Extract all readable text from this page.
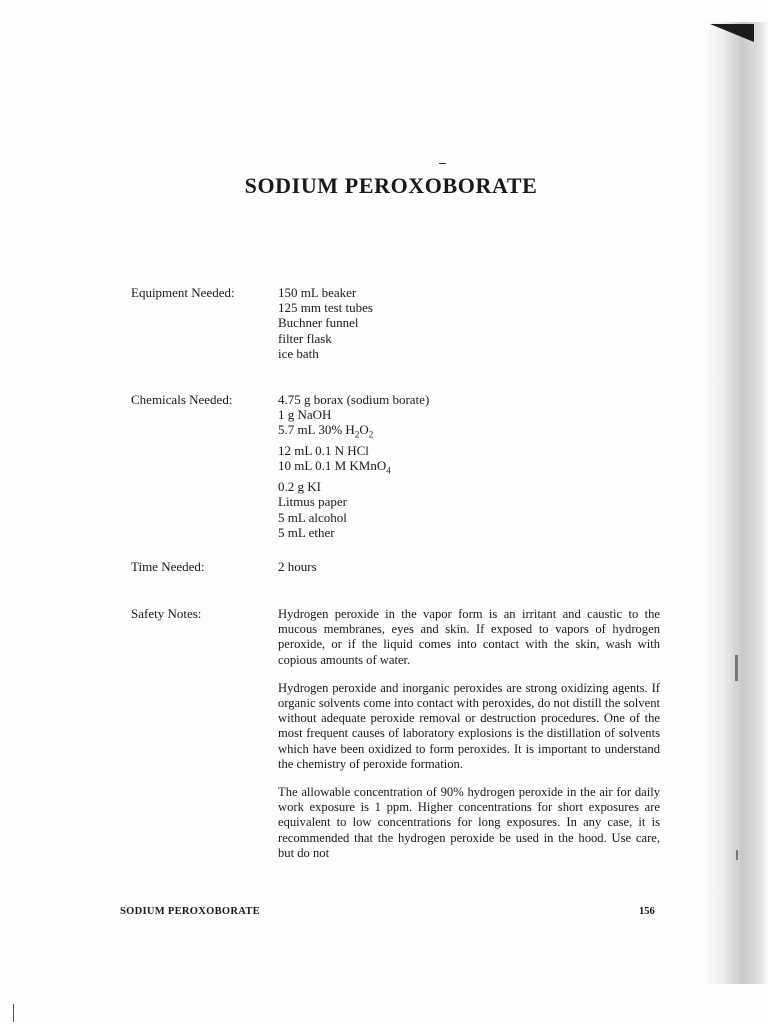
SODIUM PEROXOBORATE
Equipment Needed:	150 mL beaker
125 mm test tubes
Buchner funnel
filter flask
ice bath
Chemicals Needed:	4.75 g borax (sodium borate)
1 g NaOH
5.7 mL 30% $H_2O_2$
12 mL 0.1 N HCl
10 mL 0.1 M KMnO$_4$
0.2 g KI
Litmus paper
5 mL alcohol
5 mL ether
Time Needed:	2 hours
Safety Notes:	Hydrogen peroxide in the vapor form is an irritant and caustic to the mucous membranes, eyes and skin. If exposed to vapors of hydrogen peroxide, or if the liquid comes into contact with the skin, wash with copious amounts of water.

Hydrogen peroxide and inorganic peroxides are strong oxidizing agents. If organic solvents come into contact with peroxides, do not distill the solvent without adequate peroxide removal or destruction procedures. One of the most frequent causes of laboratory explosions is the distillation of solvents which have been oxidized to form peroxides. It is important to understand the chemistry of peroxide formation.

The allowable concentration of 90% hydrogen peroxide in the air for daily work exposure is 1 ppm. Higher concentrations for short exposures are equivalent to low concentrations for long exposures. In any case, it is recommended that the hydrogen peroxide be used in the hood. Use care, but do not

SODIUM PEROXOBORATE	156
